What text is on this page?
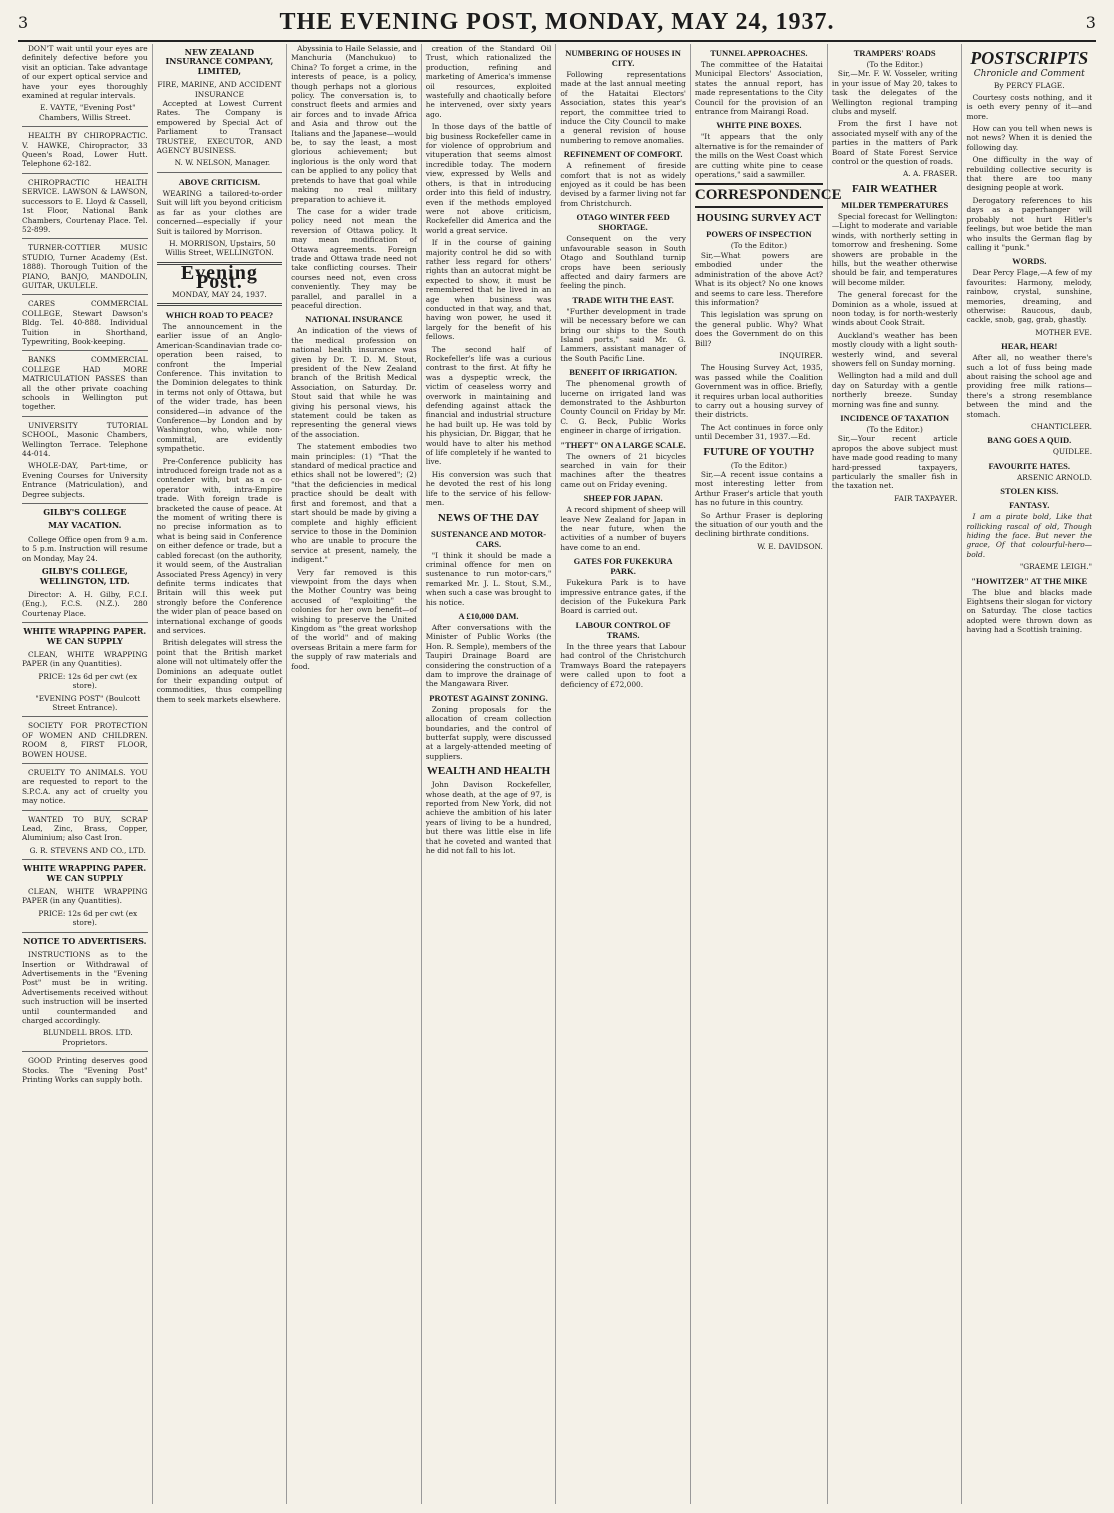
3	THE EVENING POST, MONDAY, MAY 24, 1937.	3

DON'T wait until your eyes are definitely defective before you visit an optician. Take advantage of our expert optical service and have your eyes thoroughly examined at regular intervals.

E. VAYTE, "Evening Post" Chambers, Willis Street.

HEALTH BY CHIROPRACTIC. V. HAWKE, Chiropractor, 33 Queen's Road, Lower Hutt. Telephone 62-182.

CHIROPRACTIC HEALTH SERVICE. LAWSON & LAWSON, successors to E. Lloyd & Cassell, 1st Floor, National Bank Chambers, Courtenay Place. Tel. 52-899.

TURNER-COTTIER MUSIC STUDIO, Turner Academy (Est. 1888). Thorough Tuition of the PIANO, BANJO, MANDOLIN, GUITAR, UKULELE.

CARES COMMERCIAL COLLEGE, Stewart Dawson's Bldg. Tel. 40-888. Individual Tuition in Shorthand, Typewriting, Book-keeping.

BANKS COMMERCIAL COLLEGE HAD MORE MATRICULATION PASSES than all the other private coaching schools in Wellington put together.

UNIVERSITY TUTORIAL SCHOOL, Masonic Chambers, Wellington Terrace. Telephone 44-014.

WHOLE-DAY, Part-time, or Evening Courses for University Entrance (Matriculation), and Degree subjects.

GILBY'S COLLEGE
MAY VACATION.

College Office open from 9 a.m. to 5 p.m. Instruction will resume on Monday, May 24.

GILBY'S COLLEGE, WELLINGTON, LTD.

Director: A. H. Gilby, F.C.I. (Eng.), F.C.S. (N.Z.). 280 Courtenay Place.

WHITE WRAPPING PAPER. WE CAN SUPPLY

CLEAN, WHITE WRAPPING PAPER (in any Quantities).

PRICE: 12s 6d per cwt (ex store).

"EVENING POST" (Boulcott Street Entrance).

SOCIETY FOR PROTECTION OF WOMEN AND CHILDREN. ROOM 8, FIRST FLOOR, BOWEN HOUSE.

CRUELTY TO ANIMALS. YOU are requested to report to the S.P.C.A. any act of cruelty you may notice.

WANTED TO BUY, SCRAP Lead, Zinc, Brass, Copper, Aluminium; also Cast Iron.

G. R. STEVENS AND CO., LTD.

WHITE WRAPPING PAPER. WE CAN SUPPLY

CLEAN, WHITE WRAPPING PAPER (in any Quantities).

PRICE: 12s 6d per cwt (ex store).

NOTICE TO ADVERTISERS.

INSTRUCTIONS as to the Insertion or Withdrawal of Advertisements in the "Evening Post" must be in writing. Advertisements received without such instruction will be inserted until countermanded and charged accordingly.

BLUNDELL BROS. LTD. Proprietors.

GOOD Printing deserves good Stocks. The "Evening Post" Printing Works can supply both.

NEW ZEALAND INSURANCE COMPANY, LIMITED,
FIRE, MARINE, AND ACCIDENT INSURANCE

Accepted at Lowest Current Rates. The Company is empowered by Special Act of Parliament to Transact TRUSTEE, EXECUTOR, AND AGENCY BUSINESS.

N. W. NELSON, Manager.

ABOVE CRITICISM.

WEARING a tailored-to-order Suit will lift you beyond criticism as far as your clothes are concerned—especially if your Suit is tailored by Morrison.

H. MORRISON, Upstairs, 50 Willis Street, WELLINGTON.

Evening Post.
MONDAY, MAY 24, 1937.
WHICH ROAD TO PEACE?

The announcement in the earlier issue of an Anglo-American-Scandinavian trade co-operation been raised, to confront the Imperial Conference. This invitation to the Dominion delegates to think in terms not only of Ottawa, but of the wider trade, has been considered—in advance of the Conference—by London and by Washington, who, while non-committal, are evidently sympathetic.

Pre-Conference publicity has introduced foreign trade not as a contender with, but as a co-operator with, intra-Empire trade. With foreign trade is bracketed the cause of peace. At the moment of writing there is no precise information as to what is being said in Conference on either defence or trade, but a cabled forecast (on the authority, it would seem, of the Australian Associated Press Agency) in very definite terms indicates that Britain will this week put strongly before the Conference the wider plan of peace based on international exchange of goods and services.

British delegates will stress the point that the British market alone will not ultimately offer the Dominions an adequate outlet for their expanding output of commodities, thus compelling them to seek markets elsewhere.

Abyssinia to Haile Selassie, and Manchuria (Manchukuo) to China? To forget a crime, in the interests of peace, is a policy, though perhaps not a glorious policy. The conversation is, to construct fleets and armies and air forces and to invade Africa and Asia and throw out the Italians and the Japanese—would be, to say the least, a most glorious achievement; but inglorious is the only word that can be applied to any policy that pretends to have that goal while making no real military preparation to achieve it.

The case for a wider trade policy need not mean the reversion of Ottawa policy. It may mean modification of Ottawa agreements. Foreign trade and Ottawa trade need not take conflicting courses. Their courses need not, even cross conveniently. They may be parallel, and parallel in a peaceful direction.

NATIONAL INSURANCE

An indication of the views of the medical profession on national health insurance was given by Dr. T. D. M. Stout, president of the New Zealand branch of the British Medical Association, on Saturday. Dr. Stout said that while he was giving his personal views, his statement could be taken as representing the general views of the association.

The statement embodies two main principles: (1) "That the standard of medical practice and ethics shall not be lowered"; (2) "that the deficiencies in medical practice should be dealt with first and foremost, and that a start should be made by giving a complete and highly efficient service to those in the Dominion who are unable to procure the service at present, namely, the indigent."

Very far removed is this viewpoint from the days when the Mother Country was being accused of "exploiting" the colonies for her own benefit—of wishing to preserve the United Kingdom as "the great workshop of the world" and of making overseas Britain a mere farm for the supply of raw materials and food.

creation of the Standard Oil Trust, which rationalized the production, refining and marketing of America's immense oil resources, exploited wastefully and chaotically before he intervened, over sixty years ago.

In those days of the battle of big business Rockefeller came in for violence of opprobrium and vituperation that seems almost incredible today. The modern view, expressed by Wells and others, is that in introducing order into this field of industry, even if the methods employed were not above criticism, Rockefeller did America and the world a great service.

If in the course of gaining majority control he did so with rather less regard for others' rights than an autocrat might be expected to show, it must be remembered that he lived in an age when business was conducted in that way, and that, having won power, he used it largely for the benefit of his fellows.

The second half of Rockefeller's life was a curious contrast to the first. At fifty he was a dyspeptic wreck, the victim of ceaseless worry and overwork in maintaining and defending against attack the financial and industrial structure he had built up. He was told by his physician, Dr. Biggar, that he would have to alter his method of life completely if he wanted to live.

His conversion was such that he devoted the rest of his long life to the service of his fellow-men.

NEWS OF THE DAY
SUSTENANCE AND MOTOR-CARS.

"I think it should be made a criminal offence for men on sustenance to run motor-cars," remarked Mr. J. L. Stout, S.M., when such a case was brought to his notice.

A £10,000 DAM.

After conversations with the Minister of Public Works (the Hon. R. Semple), members of the Taupiri Drainage Board are considering the construction of a dam to improve the drainage of the Mangawara River.

PROTEST AGAINST ZONING.

Zoning proposals for the allocation of cream collection boundaries, and the control of butterfat supply, were discussed at a largely-attended meeting of suppliers.

WEALTH AND HEALTH

John Davison Rockefeller, whose death, at the age of 97, is reported from New York, did not achieve the ambition of his later years of living to be a hundred, but there was little else in life that he coveted and wanted that he did not fall to his lot.

NUMBERING OF HOUSES IN CITY.

Following representations made at the last annual meeting of the Hataitai Electors' Association, states this year's report, the committee tried to induce the City Council to make a general revision of house numbering to remove anomalies.

REFINEMENT OF COMFORT.

A refinement of fireside comfort that is not as widely enjoyed as it could be has been devised by a farmer living not far from Christchurch.

OTAGO WINTER FEED SHORTAGE.

Consequent on the very unfavourable season in South Otago and Southland turnip crops have been seriously affected and dairy farmers are feeling the pinch.

TRADE WITH THE EAST.

"Further development in trade will be necessary before we can bring our ships to the South Island ports," said Mr. G. Lammers, assistant manager of the South Pacific Line.

BENEFIT OF IRRIGATION.

The phenomenal growth of lucerne on irrigated land was demonstrated to the Ashburton County Council on Friday by Mr. C. G. Beck, Public Works engineer in charge of irrigation.

"THEFT" ON A LARGE SCALE.

The owners of 21 bicycles searched in vain for their machines after the theatres came out on Friday evening.

SHEEP FOR JAPAN.

A record shipment of sheep will leave New Zealand for Japan in the near future, when the activities of a number of buyers have come to an end.

GATES FOR FUKEKURA PARK.

Fukekura Park is to have impressive entrance gates, if the decision of the Fukekura Park Board is carried out.

LABOUR CONTROL OF TRAMS.

In the three years that Labour had control of the Christchurch Tramways Board the ratepayers were called upon to foot a deficiency of £72,000.

TUNNEL APPROACHES.

The committee of the Hataitai Municipal Electors' Association, states the annual report, has made representations to the City Council for the provision of an entrance from Mairangi Road.

WHITE PINE BOXES.

"It appears that the only alternative is for the remainder of the mills on the West Coast which are cutting white pine to cease operations," said a sawmiller.

CORRESPONDENCE
HOUSING SURVEY ACT
POWERS OF INSPECTION
(To the Editor.)

Sir,—What powers are embodied under the administration of the above Act? What is its object? No one knows and seems to care less. Therefore this information?

This legislation was sprung on the general public. Why? What does the Government do on this Bill?

INQUIRER.

The Housing Survey Act, 1935, was passed while the Coalition Government was in office. Briefly, it requires urban local authorities to carry out a housing survey of their districts.

The Act continues in force only until December 31, 1937.—Ed.

FUTURE OF YOUTH?
(To the Editor.)

Sir,—A recent issue contains a most interesting letter from Arthur Fraser's article that youth has no future in this country.

So Arthur Fraser is deploring the situation of our youth and the declining birthrate conditions.

W. E. DAVIDSON.

TRAMPERS' ROADS
(To the Editor.)

Sir,—Mr. F. W. Vosseler, writing in your issue of May 20, takes to task the delegates of the Wellington regional tramping clubs and myself.

From the first I have not associated myself with any of the parties in the matters of Park Board of State Forest Service control or the question of roads.

A. A. FRASER.

FAIR WEATHER
MILDER TEMPERATURES

Special forecast for Wellington:—Light to moderate and variable winds, with northerly setting in tomorrow and freshening. Some showers are probable in the hills, but the weather otherwise should be fair, and temperatures will become milder.

The general forecast for the Dominion as a whole, issued at noon today, is for north-westerly winds about Cook Strait.

Auckland's weather has been mostly cloudy with a light south-westerly wind, and several showers fell on Sunday morning.

Wellington had a mild and dull day on Saturday with a gentle northerly breeze. Sunday morning was fine and sunny.

INCIDENCE OF TAXATION
(To the Editor.)

Sir,—Your recent article apropos the above subject must have made good reading to many hard-pressed taxpayers, particularly the smaller fish in the taxation net.

FAIR TAXPAYER.

POSTSCRIPTS
Chronicle and Comment
By PERCY FLAGE.

Courtesy costs nothing, and it is oeth every penny of it—and more.

How can you tell when news is not news? When it is denied the following day.

One difficulty in the way of rebuilding collective security is that there are too many designing people at work.

Derogatory references to his days as a paperhanger will probably not hurt Hitler's feelings, but woe betide the man who insults the German flag by calling it "punk."

WORDS.

Dear Percy Flage,—A few of my favourites: Harmony, melody, rainbow, crystal, sunshine, memories, dreaming, and otherwise: Raucous, daub, cackle, snob, gag, grab, ghastly.

MOTHER EVE.

HEAR, HEAR!

After all, no weather there's such a lot of fuss being made about raising the school age and providing free milk rations—there's a strong resemblance between the mind and the stomach.

CHANTICLEER.

BANG GOES A QUID.

QUIDLEE.

FAVOURITE HATES.

ARSENIC ARNOLD.

STOLEN KISS.
FANTASY.

I am a pirate bold, Like that rollicking rascal of old, Though hiding the face. But never the grace, Of that colourful-hero—bold.

"GRAEME LEIGH."

"HOWITZER" AT THE MIKE

The blue and blacks made Eightsens their slogan for victory on Saturday. The close tactics adopted were thrown down as having had a Scottish training.
